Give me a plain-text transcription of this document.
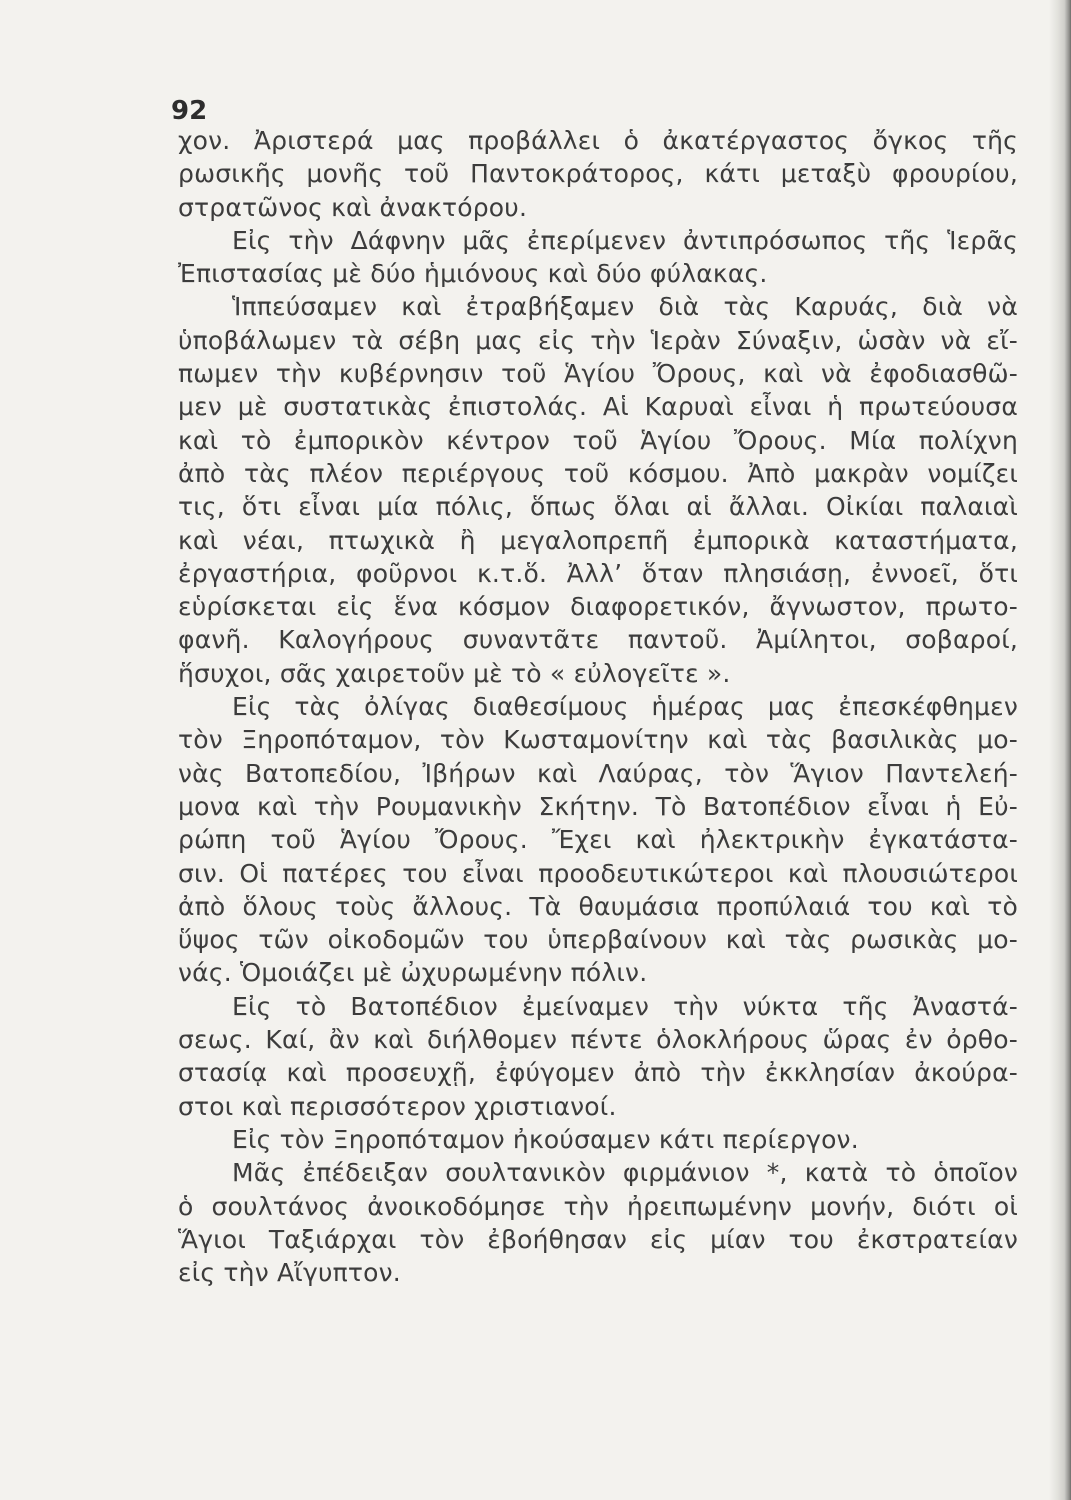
92
χον. Ἀριστερά μας προβάλλει ὁ ἀκατέργαστος ὄγκος τῆς
ρωσικῆς μονῆς τοῦ Παντοκράτορος, κάτι μεταξὺ φρουρίου,
στρατῶνος καὶ ἀνακτόρου.
Εἰς τὴν Δάφνην μᾶς ἐπερίμενεν ἀντιπρόσωπος τῆς Ἱερᾶς
Ἐπιστασίας μὲ δύο ἡμιόνους καὶ δύο φύλακας.
Ἱππεύσαμεν καὶ ἐτραβήξαμεν διὰ τὰς Καρυάς, διὰ νὰ
ὑποβάλωμεν τὰ σέβη μας εἰς τὴν Ἱερὰν Σύναξιν, ὡσὰν νὰ εἴ-
πωμεν τὴν κυβέρνησιν τοῦ Ἁγίου Ὄρους, καὶ νὰ ἐφοδιασθῶ-
μεν μὲ συστατικὰς ἐπιστολάς. Αἱ Καρυαὶ εἶναι ἡ πρωτεύουσα
καὶ τὸ ἐμπορικὸν κέντρον τοῦ Ἁγίου Ὄρους. Μία πολίχνη
ἀπὸ τὰς πλέον περιέργους τοῦ κόσμου. Ἀπὸ μακρὰν νομίζει
τις, ὅτι εἶναι μία πόλις, ὅπως ὅλαι αἱ ἄλλαι. Οἰκίαι παλαιαὶ
καὶ νέαι, πτωχικὰ ἢ μεγαλοπρεπῆ ἐμπορικὰ καταστήματα,
ἐργαστήρια, φοῦρνοι κ.τ.ὅ. Ἀλλ’ ὅταν πλησιάσῃ, ἐννοεῖ, ὅτι
εὑρίσκεται εἰς ἕνα κόσμον διαφορετικόν, ἄγνωστον, πρωτο-
φανῆ. Καλογήρους συναντᾶτε παντοῦ. Ἀμίλητοι, σοβαροί,
ἥσυχοι, σᾶς χαιρετοῦν μὲ τὸ « εὐλογεῖτε ».
Εἰς τὰς ὀλίγας διαθεσίμους ἡμέρας μας ἐπεσκέφθημεν
τὸν Ξηροπόταμον, τὸν Κωσταμονίτην καὶ τὰς βασιλικὰς μο-
νὰς Βατοπεδίου, Ἰβήρων καὶ Λαύρας, τὸν Ἅγιον Παντελεή-
μονα καὶ τὴν Ρουμανικὴν Σκήτην. Τὸ Βατοπέδιον εἶναι ἡ Εὐ-
ρώπη τοῦ Ἁγίου Ὄρους. Ἔχει καὶ ἠλεκτρικὴν ἐγκατάστα-
σιν. Οἱ πατέρες του εἶναι προοδευτικώτεροι καὶ πλουσιώτεροι
ἀπὸ ὅλους τοὺς ἄλλους. Τὰ θαυμάσια προπύλαιά του καὶ τὸ
ὕψος τῶν οἰκοδομῶν του ὑπερβαίνουν καὶ τὰς ρωσικὰς μο-
νάς. Ὁμοιάζει μὲ ὠχυρωμένην πόλιν.
Εἰς τὸ Βατοπέδιον ἐμείναμεν τὴν νύκτα τῆς Ἀναστά-
σεως. Καί, ἂν καὶ διήλθομεν πέντε ὁλοκλήρους ὥρας ἐν ὀρθο-
στασίᾳ καὶ προσευχῇ, ἐφύγομεν ἀπὸ τὴν ἐκκλησίαν ἀκούρα-
στοι καὶ περισσότερον χριστιανοί.
Εἰς τὸν Ξηροπόταμον ἠκούσαμεν κάτι περίεργον.
Μᾶς ἐπέδειξαν σουλτανικὸν φιρμάνιον *, κατὰ τὸ ὁποῖον
ὁ σουλτάνος ἀνοικοδόμησε τὴν ἠρειπωμένην μονήν, διότι οἱ
Ἅγιοι Ταξιάρχαι τὸν ἐβοήθησαν εἰς μίαν του ἐκστρατείαν
εἰς τὴν Αἴγυπτον.
